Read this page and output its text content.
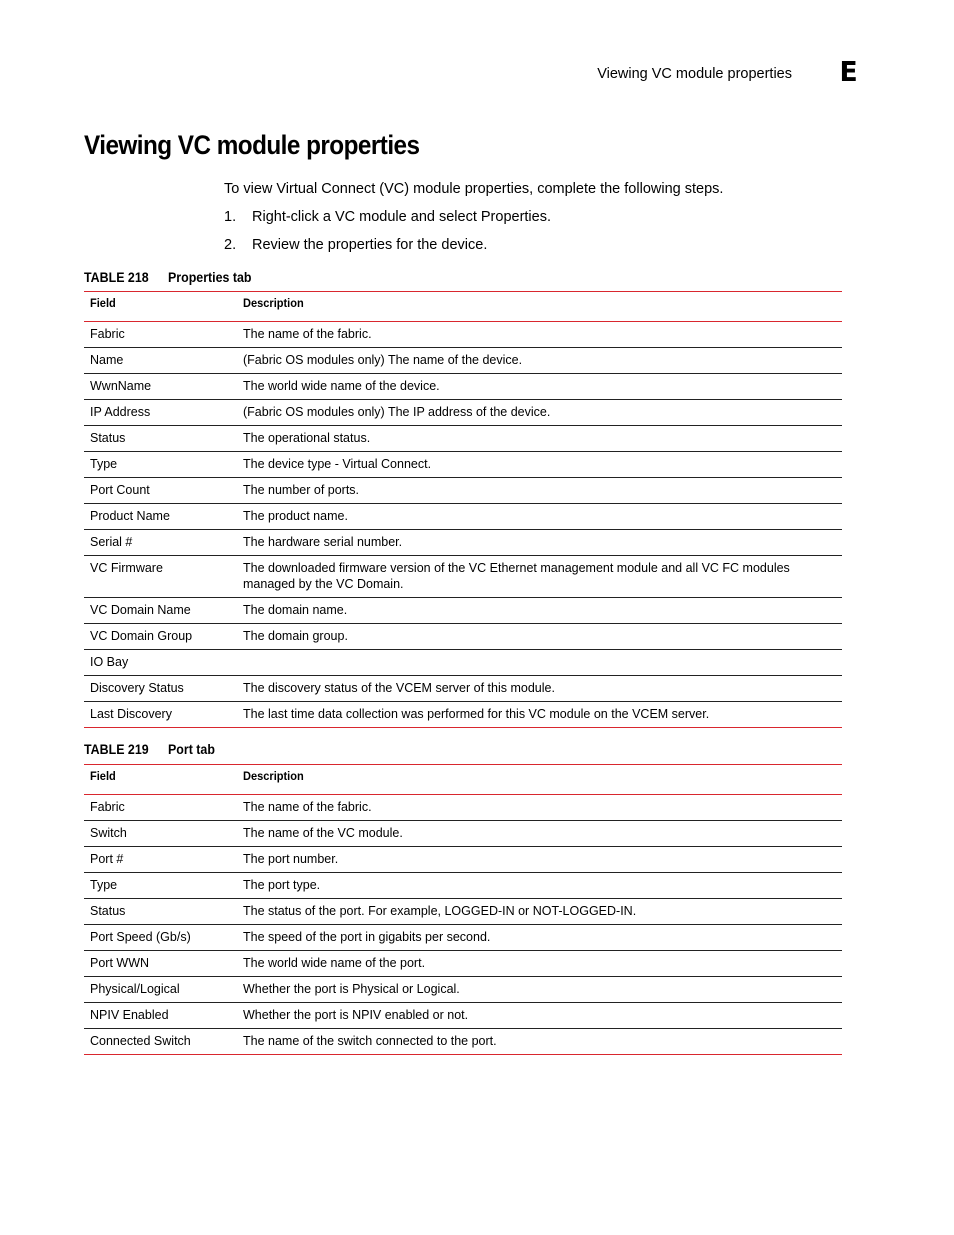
Viewing VC module properties E
Viewing VC module properties

To view Virtual Connect (VC) module properties, complete the following steps.

1. Right-click a VC module and select Properties.
2. Review the properties for the device.
TABLE 218 Properties tab
Field	Description
Fabric	The name of the fabric.
Name	(Fabric OS modules only) The name of the device.
WwnName	The world wide name of the device.
IP Address	(Fabric OS modules only) The IP address of the device.
Status	The operational status.
Type	The device type - Virtual Connect.
Port Count	The number of ports.
Product Name	The product name.
Serial #	The hardware serial number.
VC Firmware	The downloaded firmware version of the VC Ethernet management module and all VC FC modules managed by the VC Domain.
VC Domain Name	The domain name.
VC Domain Group	The domain group.
IO Bay	
Discovery Status	The discovery status of the VCEM server of this module.
Last Discovery	The last time data collection was performed for this VC module on the VCEM server.
TABLE 219 Port tab
Field	Description
Fabric	The name of the fabric.
Switch	The name of the VC module.
Port #	The port number.
Type	The port type.
Status	The status of the port. For example, LOGGED-IN or NOT-LOGGED-IN.
Port Speed (Gb/s)	The speed of the port in gigabits per second.
Port WWN	The world wide name of the port.
Physical/Logical	Whether the port is Physical or Logical.
NPIV Enabled	Whether the port is NPIV enabled or not.
Connected Switch	The name of the switch connected to the port.
